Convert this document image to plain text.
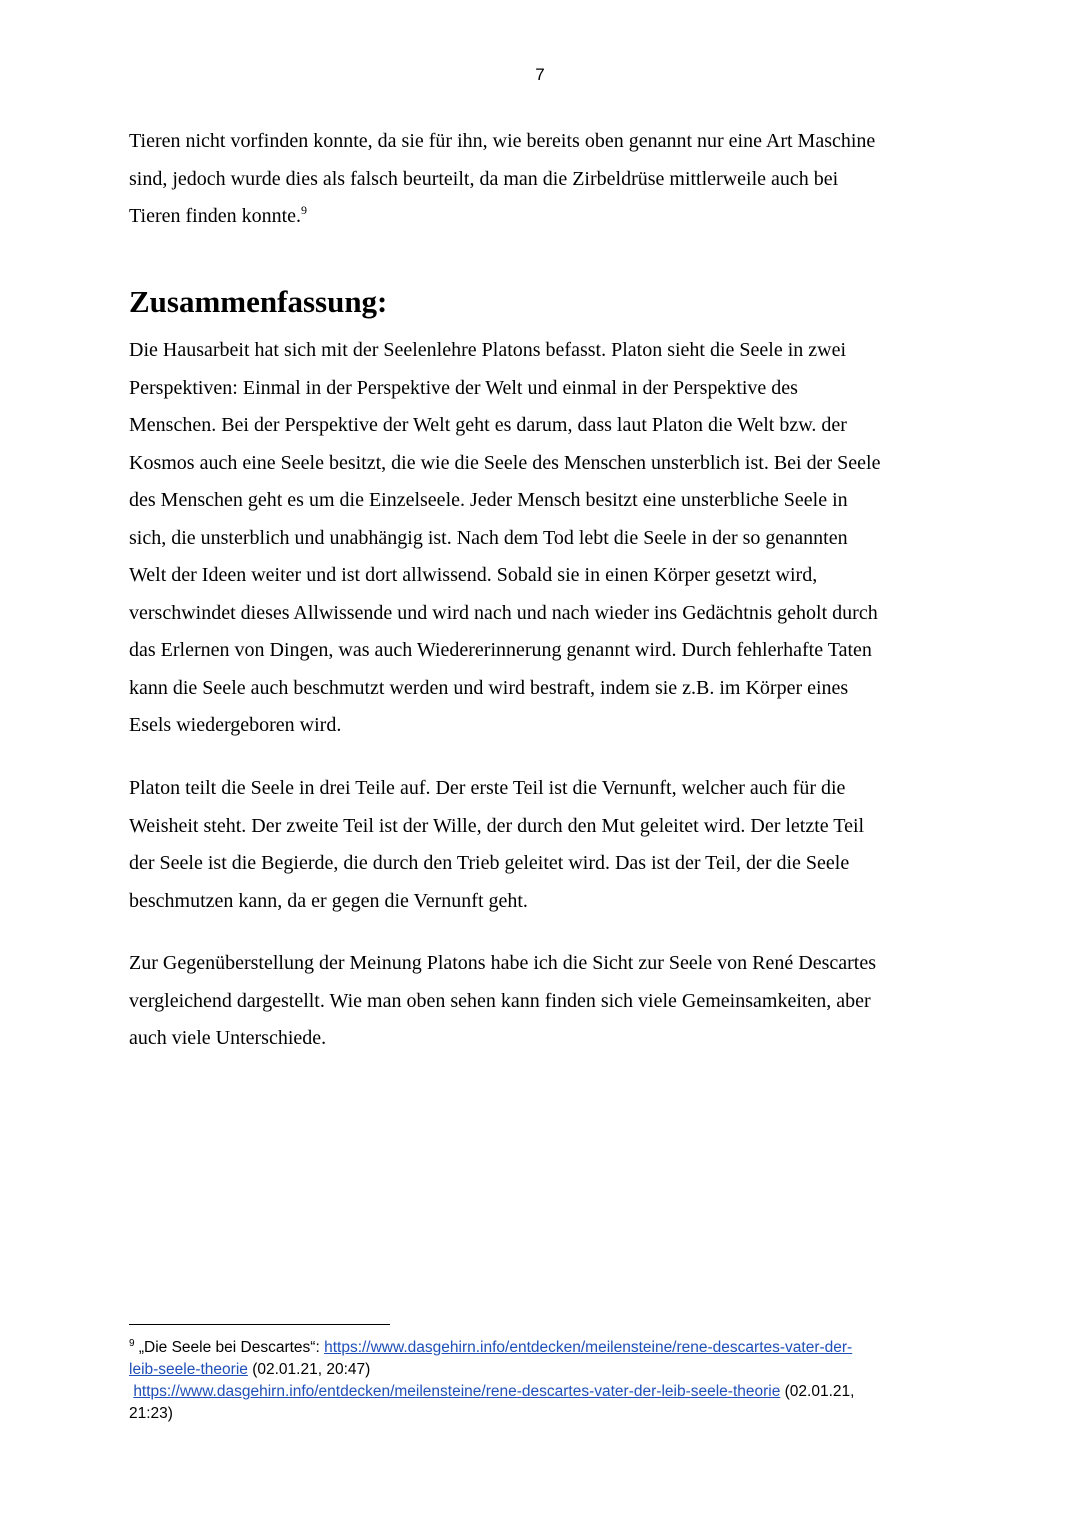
7

Tieren nicht vorfinden konnte, da sie für ihn, wie bereits oben genannt nur eine Art Maschine
sind, jedoch wurde dies als falsch beurteilt, da man die Zirbeldrüse mittlerweile auch bei
Tieren finden konnte.$^9$

Zusammenfassung:

Die Hausarbeit hat sich mit der Seelenlehre Platons befasst. Platon sieht die Seele in zwei
Perspektiven: Einmal in der Perspektive der Welt und einmal in der Perspektive des
Menschen. Bei der Perspektive der Welt geht es darum, dass laut Platon die Welt bzw. der
Kosmos auch eine Seele besitzt, die wie die Seele des Menschen unsterblich ist. Bei der Seele
des Menschen geht es um die Einzelseele. Jeder Mensch besitzt eine unsterbliche Seele in
sich, die unsterblich und unabhängig ist. Nach dem Tod lebt die Seele in der so genannten
Welt der Ideen weiter und ist dort allwissend. Sobald sie in einen Körper gesetzt wird,
verschwindet dieses Allwissende und wird nach und nach wieder ins Gedächtnis geholt durch
das Erlernen von Dingen, was auch Wiedererinnerung genannt wird. Durch fehlerhafte Taten
kann die Seele auch beschmutzt werden und wird bestraft, indem sie z.B. im Körper eines
Esels wiedergeboren wird.

Platon teilt die Seele in drei Teile auf. Der erste Teil ist die Vernunft, welcher auch für die
Weisheit steht. Der zweite Teil ist der Wille, der durch den Mut geleitet wird. Der letzte Teil
der Seele ist die Begierde, die durch den Trieb geleitet wird. Das ist der Teil, der die Seele
beschmutzen kann, da er gegen die Vernunft geht.

Zur Gegenüberstellung der Meinung Platons habe ich die Sicht zur Seele von René Descartes
vergleichend dargestellt. Wie man oben sehen kann finden sich viele Gemeinsamkeiten, aber
auch viele Unterschiede.

$^9$ „Die Seele bei Descartes“: https://www.dasgehirn.info/entdecken/meilensteine/rene-descartes-vater-der-
leib-seele-theorie (02.01.21, 20:47)
https://www.dasgehirn.info/entdecken/meilensteine/rene-descartes-vater-der-leib-seele-theorie (02.01.21,
21:23)
